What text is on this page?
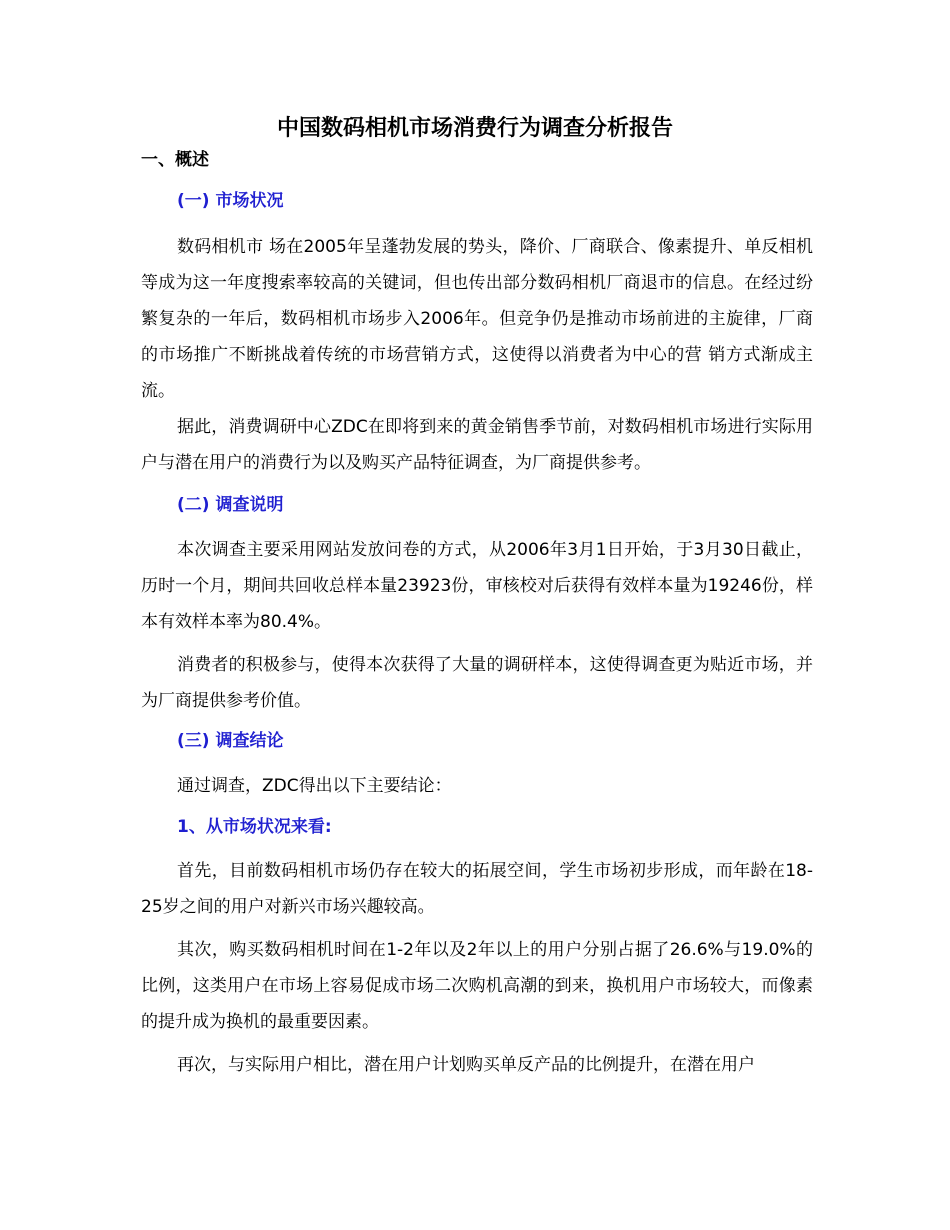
中国数码相机市场消费行为调查分析报告
一、概述
(一) 市场状况

数码相机市 场在2005年呈蓬勃发展的势头，降价、厂商联合、像素提升、单反相机等成为这一年度搜索率较高的关键词，但也传出部分数码相机厂商退市的信息。在经过纷 繁复杂的一年后，数码相机市场步入2006年。但竞争仍是推动市场前进的主旋律，厂商的市场推广不断挑战着传统的市场营销方式，这使得以消费者为中心的营 销方式渐成主流。

据此，消费调研中心ZDC在即将到来的黄金销售季节前，对数码相机市场进行实际用户与潜在用户的消费行为以及购买产品特征调查，为厂商提供参考。

(二) 调查说明

本次调查主要采用网站发放问卷的方式，从2006年3月1日开始，于3月30日截止，历时一个月，期间共回收总样本量23923份，审核校对后获得有效样本量为19246份，样本有效样本率为80.4%。

消费者的积极参与，使得本次获得了大量的调研样本，这使得调查更为贴近市场，并为厂商提供参考价值。

(三) 调查结论

通过调查，ZDC得出以下主要结论：

1、从市场状况来看:

首先，目前数码相机市场仍存在较大的拓展空间，学生市场初步形成，而年龄在18-25岁之间的用户对新兴市场兴趣较高。

其次，购买数码相机时间在1-2年以及2年以上的用户分别占据了26.6%与19.0%的比例，这类用户在市场上容易促成市场二次购机高潮的到来，换机用户市场较大，而像素的提升成为换机的最重要因素。

再次，与实际用户相比，潜在用户计划购买单反产品的比例提升，在潜在用户
